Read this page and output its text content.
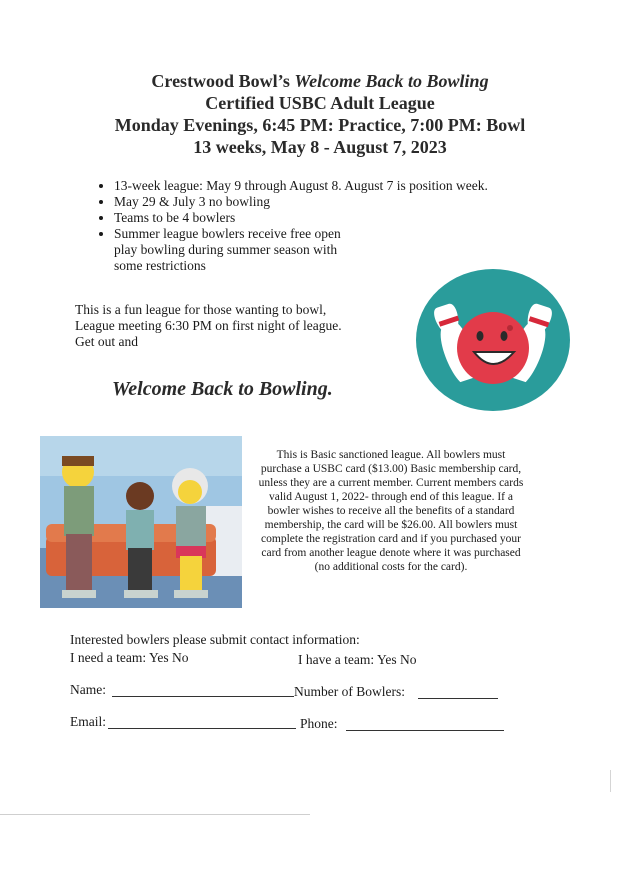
Crestwood Bowl’s Welcome Back to Bowling
Certified USBC Adult League
Monday Evenings, 6:45 PM: Practice, 7:00 PM: Bowl
13 weeks, May 8 - August 7, 2023
• 13-week league: May 9 through August 8. August 7 is position week.
• May 29 & July 3 no bowling
• Teams to be 4 bowlers
• Summer league bowlers receive free open play bowling during summer season with some restrictions
This is a fun league for those wanting to bowl,
League meeting 6:30 PM on first night of league.
Get out and
Welcome Back to Bowling.
This is Basic sanctioned league. All bowlers must purchase a USBC card ($13.00) Basic membership card, unless they are a current member. Current members cards valid August 1, 2022- through end of this league. If a bowler wishes to receive all the benefits of a standard membership, the card will be $26.00. All bowlers must complete the registration card and if you purchased your card from another league denote where it was purchased (no additional costs for the card).
Interested bowlers please submit contact information:
I need a team: Yes No	I have a team: Yes No
Name:	Number of Bowlers:
Email:	Phone:
